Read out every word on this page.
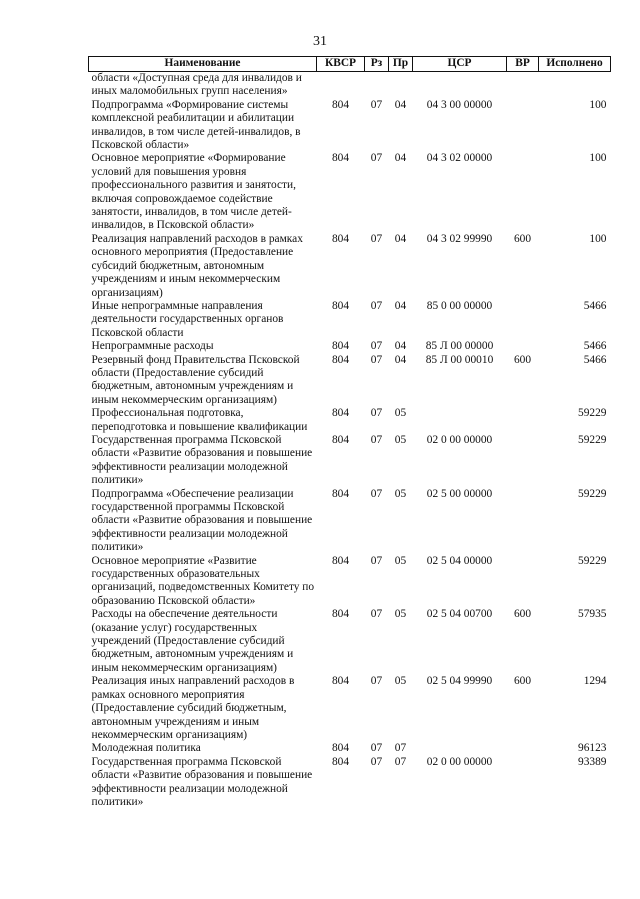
31
Наименование	КВСР	Рз	Пр	ЦСР	ВР	Исполнено
области «Доступная среда для инвалидов и иных маломобильных групп населения»						
Подпрограмма «Формирование системы комплексной реабилитации и абилитации инвалидов, в том числе детей-инвалидов, в Псковской области»	804	07	04	04 3 00 00000		100
Основное мероприятие «Формирование условий для повышения уровня профессионального развития и занятости, включая сопровождаемое содействие занятости, инвалидов, в том числе детей-инвалидов, в Псковской области»	804	07	04	04 3 02 00000		100
Реализация направлений расходов в рамках основного мероприятия (Предоставление субсидий бюджетным, автономным учреждениям и иным некоммерческим организациям)	804	07	04	04 3 02 99990	600	100
Иные непрограммные направления деятельности государственных органов Псковской области	804	07	04	85 0 00 00000		5466
Непрограммные расходы	804	07	04	85 Л 00 00000		5466
Резервный фонд Правительства Псковской области (Предоставление субсидий бюджетным, автономным учреждениям и иным некоммерческим организациям)	804	07	04	85 Л 00 00010	600	5466
Профессиональная подготовка, переподготовка и повышение квалификации	804	07	05			59229
Государственная программа Псковской области «Развитие образования и повышение эффективности реализации молодежной политики»	804	07	05	02 0 00 00000		59229
Подпрограмма «Обеспечение реализации государственной программы Псковской области «Развитие образования и повышение эффективности реализации молодежной политики»	804	07	05	02 5 00 00000		59229
Основное мероприятие «Развитие государственных образовательных организаций, подведомственных Комитету по образованию Псковской области»	804	07	05	02 5 04 00000		59229
Расходы на обеспечение деятельности (оказание услуг) государственных учреждений (Предоставление субсидий бюджетным, автономным учреждениям и иным некоммерческим организациям)	804	07	05	02 5 04 00700	600	57935
Реализация иных направлений расходов в рамках основного мероприятия (Предоставление субсидий бюджетным, автономным учреждениям и иным некоммерческим организациям)	804	07	05	02 5 04 99990	600	1294
Молодежная политика	804	07	07			96123
Государственная программа Псковской области «Развитие образования и повышение эффективности реализации молодежной политики»	804	07	07	02 0 00 00000		93389
